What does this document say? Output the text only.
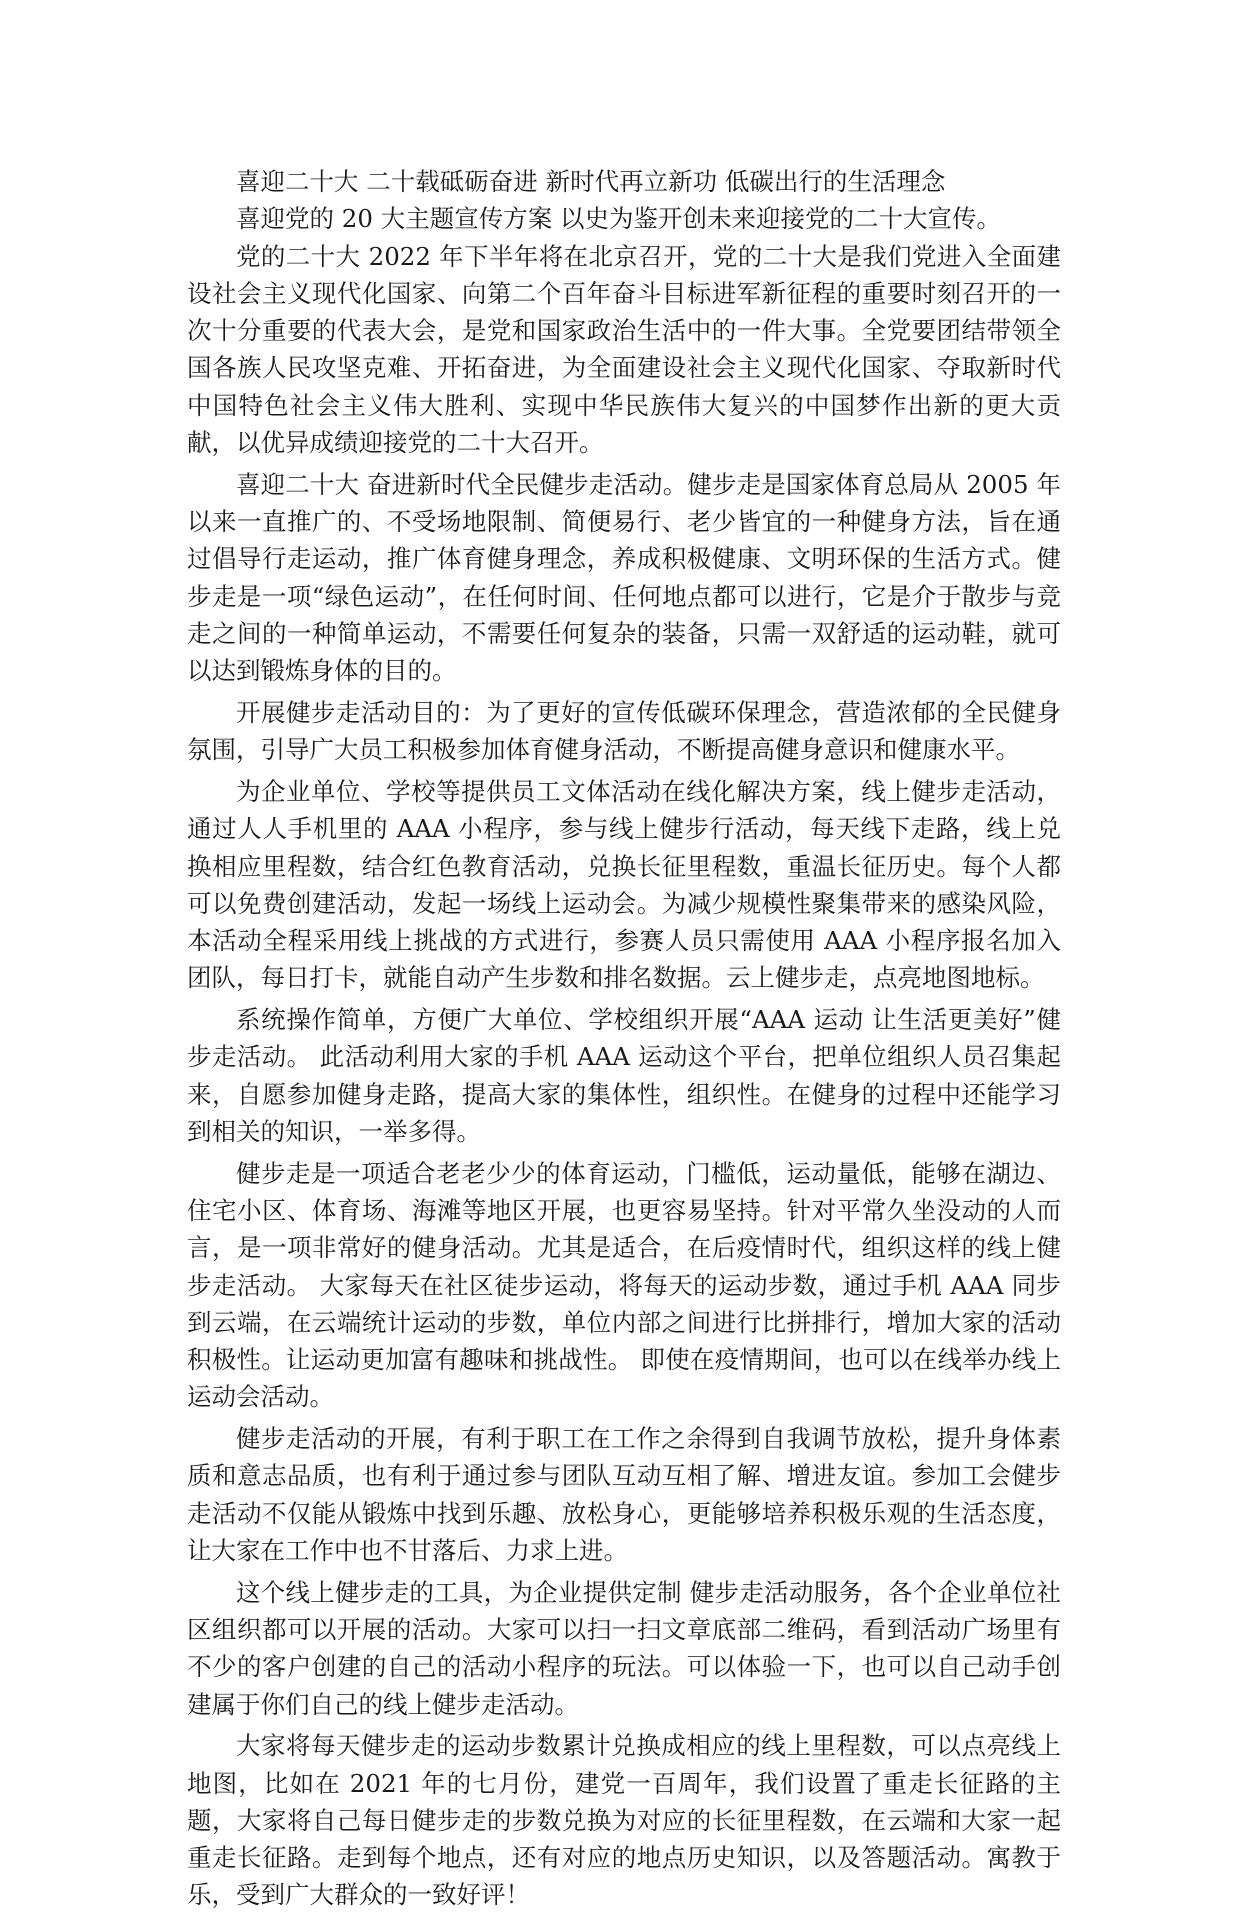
喜迎二十大 二十载砥砺奋进 新时代再立新功 低碳出行的生活理念

喜迎党的 20 大主题宣传方案 以史为鉴开创未来迎接党的二十大宣传。

党的二十大 2022 年下半年将在北京召开，党的二十大是我们党进入全面建设社会主义现代化国家、向第二个百年奋斗目标进军新征程的重要时刻召开的一次十分重要的代表大会，是党和国家政治生活中的一件大事。全党要团结带领全国各族人民攻坚克难、开拓奋进，为全面建设社会主义现代化国家、夺取新时代中国特色社会主义伟大胜利、实现中华民族伟大复兴的中国梦作出新的更大贡献，以优异成绩迎接党的二十大召开。

喜迎二十大 奋进新时代全民健步走活动。健步走是国家体育总局从 2005 年以来一直推广的、不受场地限制、简便易行、老少皆宜的一种健身方法，旨在通过倡导行走运动，推广体育健身理念，养成积极健康、文明环保的生活方式。健步走是一项“绿色运动”，在任何时间、任何地点都可以进行，它是介于散步与竞走之间的一种简单运动，不需要任何复杂的装备，只需一双舒适的运动鞋，就可以达到锻炼身体的目的。

开展健步走活动目的：为了更好的宣传低碳环保理念，营造浓郁的全民健身氛围，引导广大员工积极参加体育健身活动，不断提高健身意识和健康水平。

为企业单位、学校等提供员工文体活动在线化解决方案，线上健步走活动，通过人人手机里的 AAA 小程序，参与线上健步行活动，每天线下走路，线上兑换相应里程数，结合红色教育活动，兑换长征里程数，重温长征历史。每个人都可以免费创建活动，发起一场线上运动会。为减少规模性聚集带来的感染风险，本活动全程采用线上挑战的方式进行，参赛人员只需使用 AAA 小程序报名加入团队，每日打卡，就能自动产生步数和排名数据。云上健步走，点亮地图地标。

系统操作简单，方便广大单位、学校组织开展“AAA 运动 让生活更美好”健步走活动。 此活动利用大家的手机 AAA 运动这个平台，把单位组织人员召集起来，自愿参加健身走路，提高大家的集体性，组织性。在健身的过程中还能学习到相关的知识，一举多得。

健步走是一项适合老老少少的体育运动，门槛低，运动量低，能够在湖边、住宅小区、体育场、海滩等地区开展，也更容易坚持。针对平常久坐没动的人而言，是一项非常好的健身活动。尤其是适合，在后疫情时代，组织这样的线上健步走活动。 大家每天在社区徒步运动，将每天的运动步数，通过手机 AAA 同步到云端，在云端统计运动的步数，单位内部之间进行比拼排行，增加大家的活动积极性。让运动更加富有趣味和挑战性。 即使在疫情期间，也可以在线举办线上运动会活动。

健步走活动的开展，有利于职工在工作之余得到自我调节放松，提升身体素质和意志品质，也有利于通过参与团队互动互相了解、增进友谊。参加工会健步走活动不仅能从锻炼中找到乐趣、放松身心，更能够培养积极乐观的生活态度，让大家在工作中也不甘落后、力求上进。

这个线上健步走的工具，为企业提供定制 健步走活动服务，各个企业单位社区组织都可以开展的活动。大家可以扫一扫文章底部二维码，看到活动广场里有不少的客户创建的自己的活动小程序的玩法。可以体验一下，也可以自己动手创建属于你们自己的线上健步走活动。

大家将每天健步走的运动步数累计兑换成相应的线上里程数，可以点亮线上地图，比如在 2021 年的七月份，建党一百周年，我们设置了重走长征路的主题，大家将自己每日健步走的步数兑换为对应的长征里程数，在云端和大家一起重走长征路。走到每个地点，还有对应的地点历史知识，以及答题活动。寓教于乐，受到广大群众的一致好评！
